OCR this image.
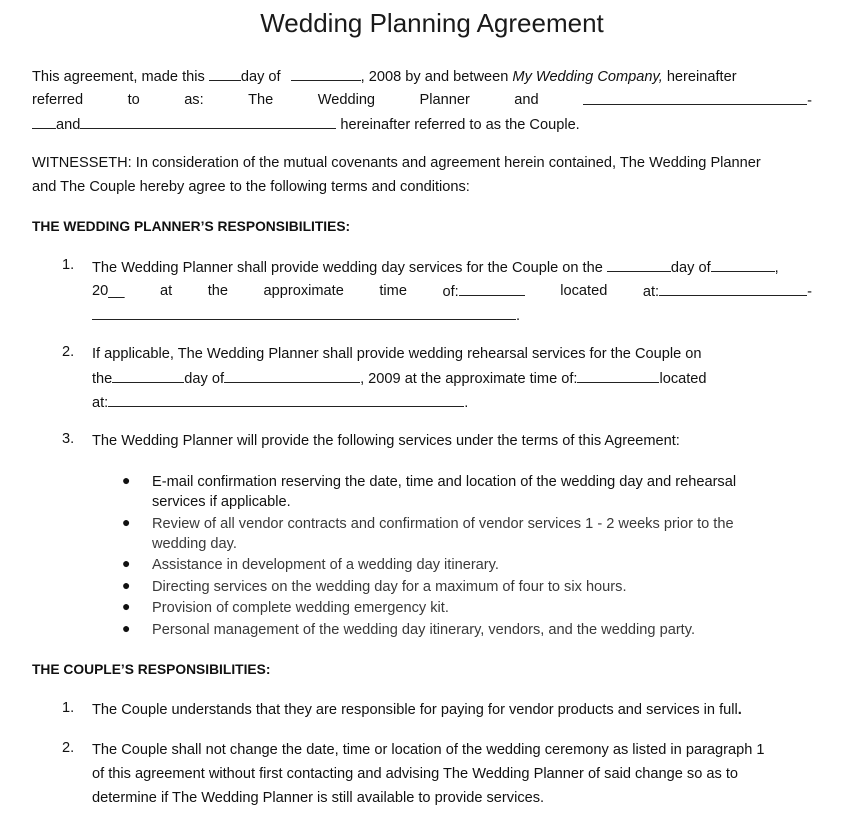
Wedding Planning Agreement
This agreement, made this day of	, 2008 by and between My Wedding Company, hereinafter
referred	to	as:	The	Wedding	Planner	and	-
and	hereinafter referred to as the Couple.
WITNESSETH: In consideration of the mutual covenants and agreement herein contained, The Wedding Planner
and The Couple hereby agree to the following terms and conditions:
THE WEDDING PLANNER’S RESPONSIBILITIES:
1. The Wedding Planner shall provide wedding day services for the Couple on the	day of	,
20__ at the approximate time of:	located at:	-
.
2. If applicable, The Wedding Planner shall provide wedding rehearsal services for the Couple on
the	day of	, 2009 at the approximate time of:	located
at:	.
3. The Wedding Planner will provide the following services under the terms of this Agreement:
● E-mail confirmation reserving the date, time and location of the wedding day and rehearsal
services if applicable.
● Review of all vendor contracts and confirmation of vendor services 1 - 2 weeks prior to the
wedding day.
● Assistance in development of a wedding day itinerary.
● Directing services on the wedding day for a maximum of four to six hours.
● Provision of complete wedding emergency kit.
● Personal management of the wedding day itinerary, vendors, and the wedding party.
THE COUPLE’S RESPONSIBILITIES:
1. The Couple understands that they are responsible for paying for vendor products and services in full.
2. The Couple shall not change the date, time or location of the wedding ceremony as listed in paragraph 1
of this agreement without first contacting and advising The Wedding Planner of said change so as to
determine if The Wedding Planner is still available to provide services.
